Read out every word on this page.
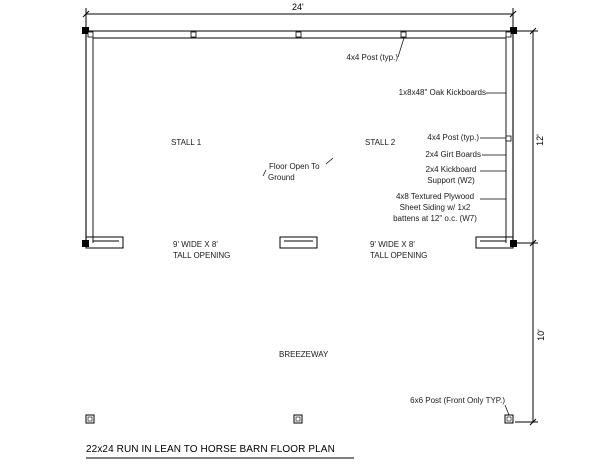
24'
12'
10'
STALL 1	STALL 2
BREEZEWAY
Floor Open To
Ground
9' WIDE X 8'
TALL OPENING
9' WIDE X 8'
TALL OPENING
4x4 Post (typ.)
1x8x48" Oak Kickboards
4x4 Post (typ.)
2x4 Girt Boards
2x4 Kickboard
Support (W2)
4x8 Textured Plywood
Sheet Siding w/ 1x2
battens at 12" o.c. (W7)
6x6 Post (Front Only TYP.)
22x24 RUN IN LEAN TO HORSE BARN FLOOR PLAN
